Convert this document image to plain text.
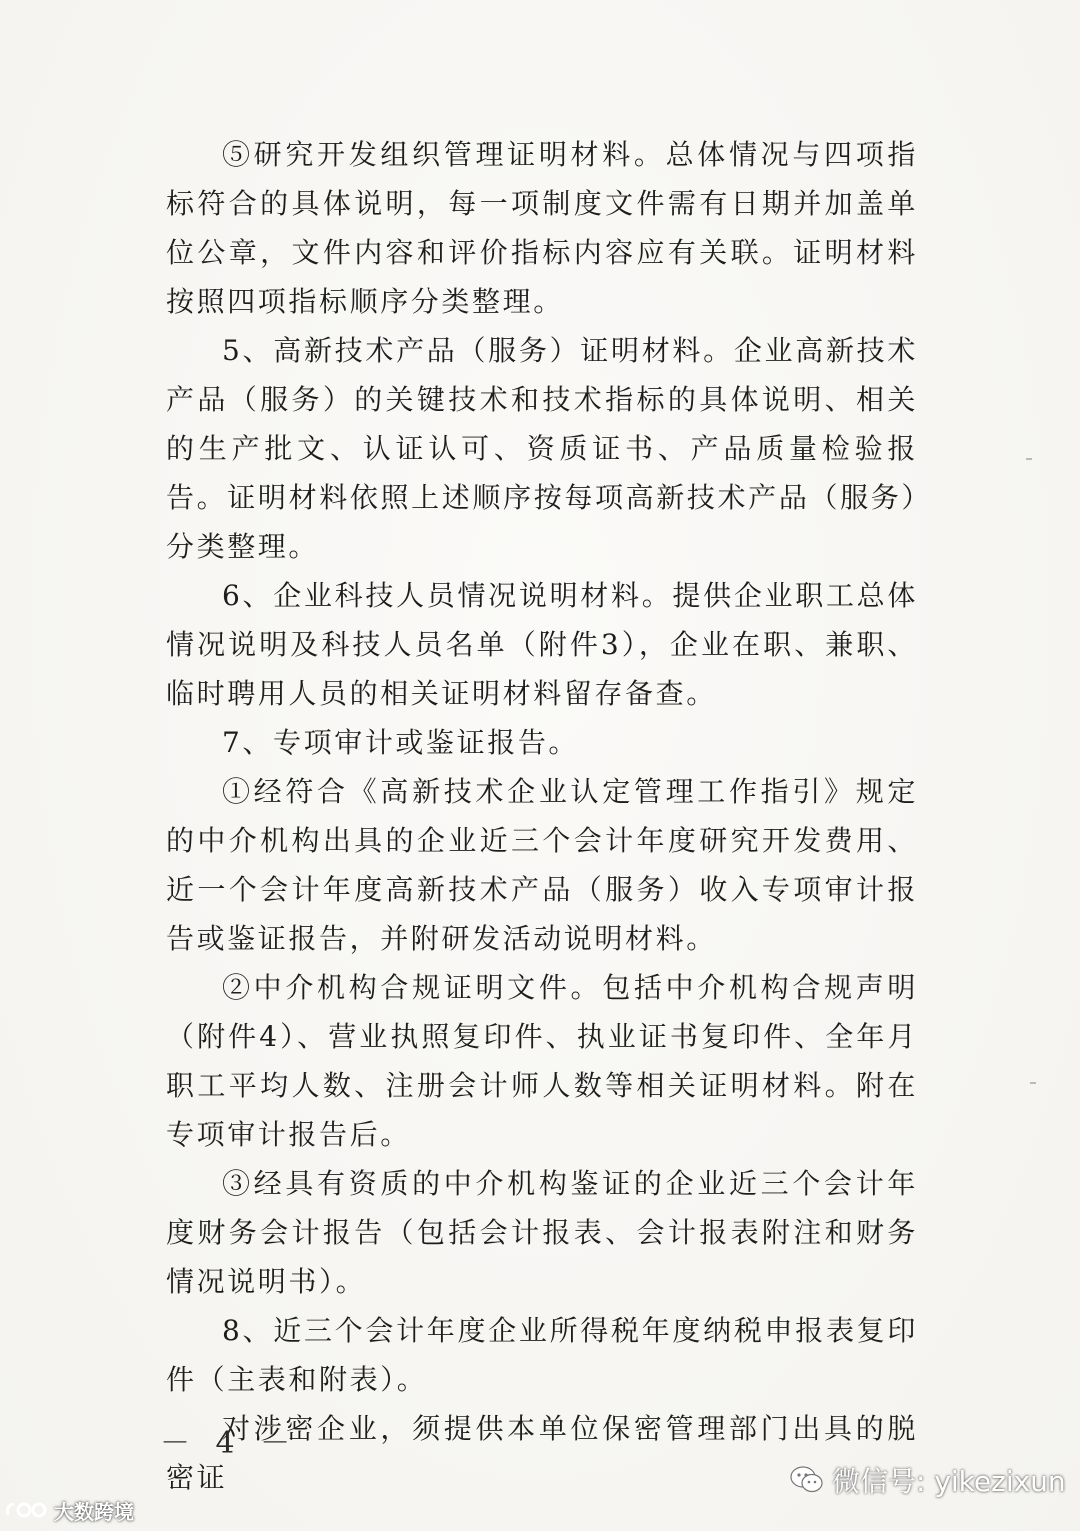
⑤研究开发组织管理证明材料。总体情况与四项指标符合的具体说明，每一项制度文件需有日期并加盖单位公章，文件内容和评价指标内容应有关联。证明材料按照四项指标顺序分类整理。

5、高新技术产品（服务）证明材料。企业高新技术产品（服务）的关键技术和技术指标的具体说明、相关的生产批文、认证认可、资质证书、产品质量检验报告。证明材料依照上述顺序按每项高新技术产品（服务）分类整理。

6、企业科技人员情况说明材料。提供企业职工总体情况说明及科技人员名单（附件3），企业在职、兼职、临时聘用人员的相关证明材料留存备查。

7、专项审计或鉴证报告。

①经符合《高新技术企业认定管理工作指引》规定的中介机构出具的企业近三个会计年度研究开发费用、近一个会计年度高新技术产品（服务）收入专项审计报告或鉴证报告，并附研发活动说明材料。

②中介机构合规证明文件。包括中介机构合规声明（附件4）、营业执照复印件、执业证书复印件、全年月职工平均人数、注册会计师人数等相关证明材料。附在专项审计报告后。

③经具有资质的中介机构鉴证的企业近三个会计年度财务会计报告（包括会计报表、会计报表附注和财务情况说明书）。

8、近三个会计年度企业所得税年度纳税申报表复印件（主表和附表）。

对涉密企业，须提供本单位保密管理部门出具的脱密证

－ 4 －
微信号: yikezixun
大数跨境
